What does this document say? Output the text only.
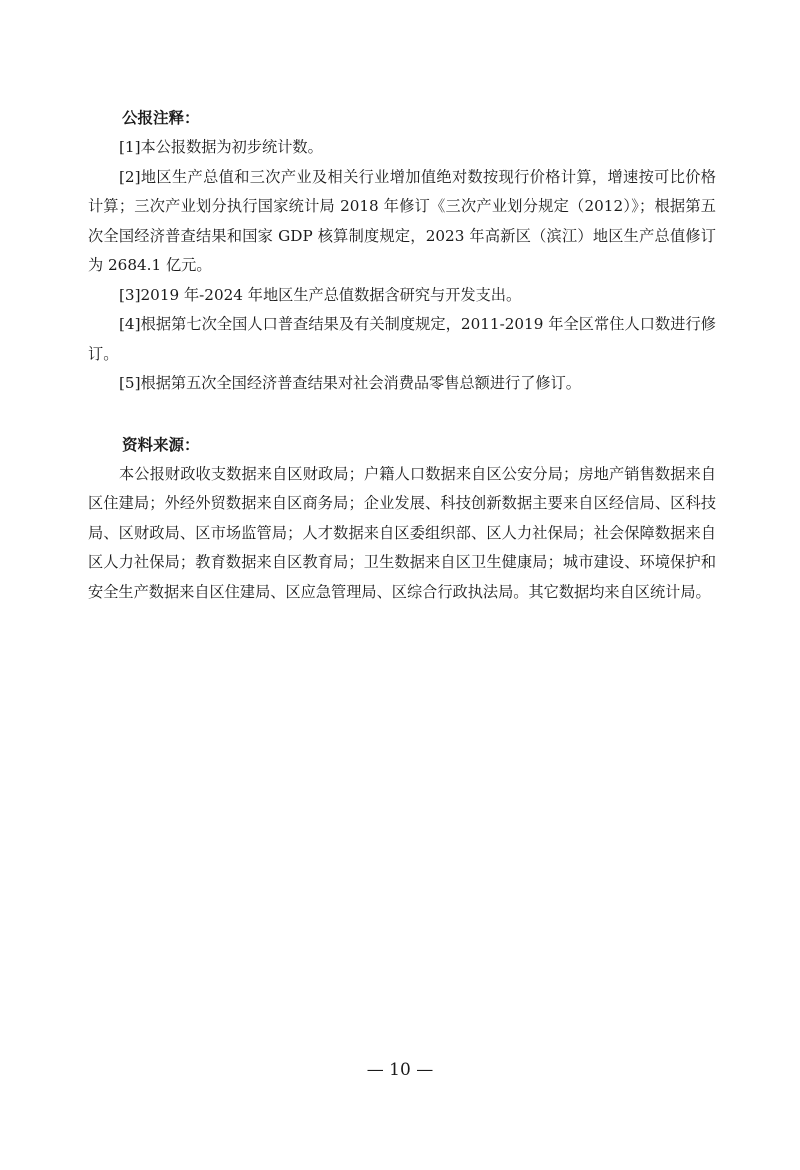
公报注释：

[1]本公报数据为初步统计数。

[2]地区生产总值和三次产业及相关行业增加值绝对数按现行价格计算，增速按可比价格计算；三次产业划分执行国家统计局 2018 年修订《三次产业划分规定（2012）》；根据第五次全国经济普查结果和国家 GDP 核算制度规定，2023 年高新区（滨江）地区生产总值修订为 2684.1 亿元。

[3]2019 年-2024 年地区生产总值数据含研究与开发支出。

[4]根据第七次全国人口普查结果及有关制度规定，2011-2019 年全区常住人口数进行修订。

[5]根据第五次全国经济普查结果对社会消费品零售总额进行了修订。

资料来源：

本公报财政收支数据来自区财政局；户籍人口数据来自区公安分局；房地产销售数据来自区住建局；外经外贸数据来自区商务局；企业发展、科技创新数据主要来自区经信局、区科技局、区财政局、区市场监管局；人才数据来自区委组织部、区人力社保局；社会保障数据来自区人力社保局；教育数据来自区教育局；卫生数据来自区卫生健康局；城市建设、环境保护和安全生产数据来自区住建局、区应急管理局、区综合行政执法局。其它数据均来自区统计局。

— 10 —
